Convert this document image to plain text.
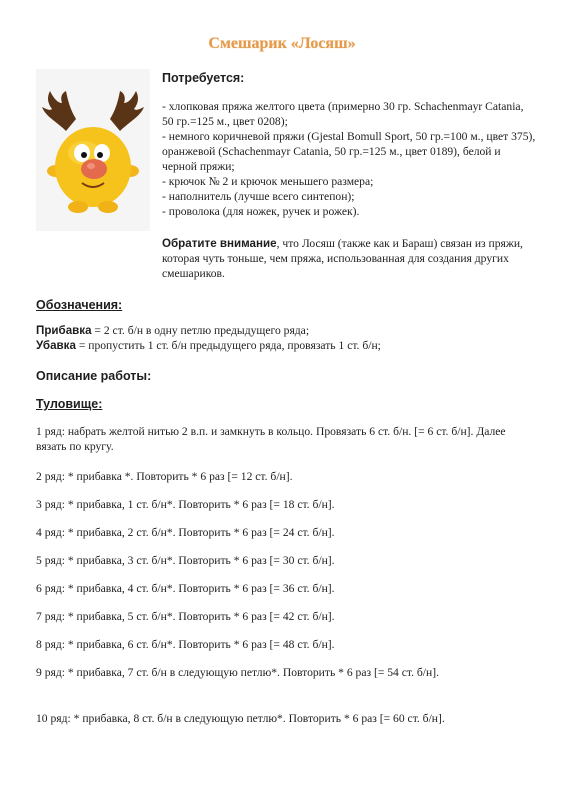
Смешарик «Лосяш»
Потребуется:
- хлопковая пряжа желтого цвета (примерно 30 гр. Schachenmayr Catania, 50 гр.=125 м., цвет 0208);
- немного коричневой пряжи (Gjestal Bomull Sport, 50 гр.=100 м., цвет 375), оранжевой (Schachenmayr Catania, 50 гр.=125 м., цвет 0189), белой и черной пряжи;
- крючок № 2 и крючок меньшего размера;
- наполнитель (лучше всего синтепон);
- проволока (для ножек, ручек и рожек).
Обратите внимание, что Лосяш (также как и Бараш) связан из пряжи, которая чуть тоньше, чем пряжа, использованная для создания других смешариков.
Обозначения:
Прибавка = 2 ст. б/н в одну петлю предыдущего ряда;
Убавка = пропустить 1 ст. б/н предыдущего ряда, провязать 1 ст. б/н;
Описание работы:
Туловище:
1 ряд: набрать желтой нитью 2 в.п. и замкнуть в кольцо. Провязать 6 ст. б/н. [= 6 ст. б/н]. Далее вязать по кругу.
2 ряд: * прибавка *. Повторить * 6 раз [= 12 ст. б/н].
3 ряд: * прибавка, 1 ст. б/н*. Повторить * 6 раз [= 18 ст. б/н].
4 ряд: * прибавка, 2 ст. б/н*. Повторить * 6 раз [= 24 ст. б/н].
5 ряд: * прибавка, 3 ст. б/н*. Повторить * 6 раз [= 30 ст. б/н].
6 ряд: * прибавка, 4 ст. б/н*. Повторить * 6 раз [= 36 ст. б/н].
7 ряд: * прибавка, 5 ст. б/н*. Повторить * 6 раз [= 42 ст. б/н].
8 ряд: * прибавка, 6 ст. б/н*. Повторить * 6 раз [= 48 ст. б/н].
9 ряд: * прибавка, 7 ст. б/н в следующую петлю*. Повторить * 6 раз [= 54 ст. б/н].
10 ряд: * прибавка, 8 ст. б/н в следующую петлю*. Повторить * 6 раз [= 60 ст. б/н].
